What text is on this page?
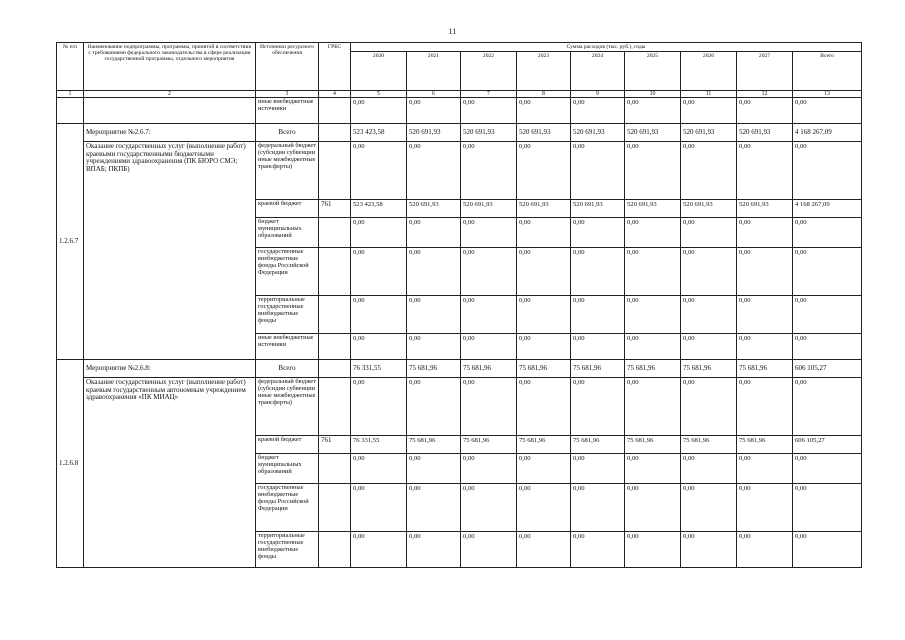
11
№ п/п	Наименование подпрограммы, программы, принятой в соответствии с требованиями федерального законодательства в сфере реализации государственной программы, отдельного мероприятия	Источники ресурсного обеспечения	ГРБС	Сумма расходов (тыс. руб.), годы								
				2020	2021	2022	2023	2024	2025	2026	2027	Всего
1	2	3	4	5	6	7	8	9	10	11	12	13
		иные внебюджетные источники		0,00	0,00	0,00	0,00	0,00	0,00	0,00	0,00	0,00
1.2.6.7	Мероприятие №2.6.7:	Всего		523 423,58	520 691,93	520 691,93	520 691,93	520 691,93	520 691,93	520 691,93	520 691,93	4 168 267,09
	Оказание государственных услуг (выполнение работ) краевыми государственными бюджетными учреждениями здравоохранения (ПК БЮРО СМЭ; ВПАБ; ПКПБ)	федеральный бюджет (субсидии субвенции иные межбюджетные трансферты)		0,00	0,00	0,00	0,00	0,00	0,00	0,00	0,00	0,00
		краевой бюджет	761	523 423,58	520 691,93	520 691,93	520 691,93	520 691,93	520 691,93	520 691,93	520 691,93	4 168 267,09
		бюджет муниципальных образований		0,00	0,00	0,00	0,00	0,00	0,00	0,00	0,00	0,00
		государственные внебюджетные фонды Российской Федерации		0,00	0,00	0,00	0,00	0,00	0,00	0,00	0,00	0,00
		территориальные государственные внебюджетные фонды		0,00	0,00	0,00	0,00	0,00	0,00	0,00	0,00	0,00
		иные внебюджетные источники		0,00	0,00	0,00	0,00	0,00	0,00	0,00	0,00	0,00
1.2.6.8	Мероприятие №2.6.8:	Всего		76 331,55	75 681,96	75 681,96	75 681,96	75 681,96	75 681,96	75 681,96	75 681,96	606 105,27
	Оказание государственных услуг (выполнение работ) краевым государственным автономным учреждением здравоохранения «ПК МИАЦ»	федеральный бюджет (субсидии субвенции иные межбюджетные трансферты)		0,00	0,00	0,00	0,00	0,00	0,00	0,00	0,00	0,00
		краевой бюджет	761	76 331,55	75 681,96	75 681,96	75 681,96	75 681,96	75 681,96	75 681,96	75 681,96	606 105,27
		бюджет муниципальных образований		0,00	0,00	0,00	0,00	0,00	0,00	0,00	0,00	0,00
		государственные внебюджетные фонды Российской Федерации		0,00	0,00	0,00	0,00	0,00	0,00	0,00	0,00	0,00
		территориальные государственные внебюджетные фонды		0,00	0,00	0,00	0,00	0,00	0,00	0,00	0,00	0,00
